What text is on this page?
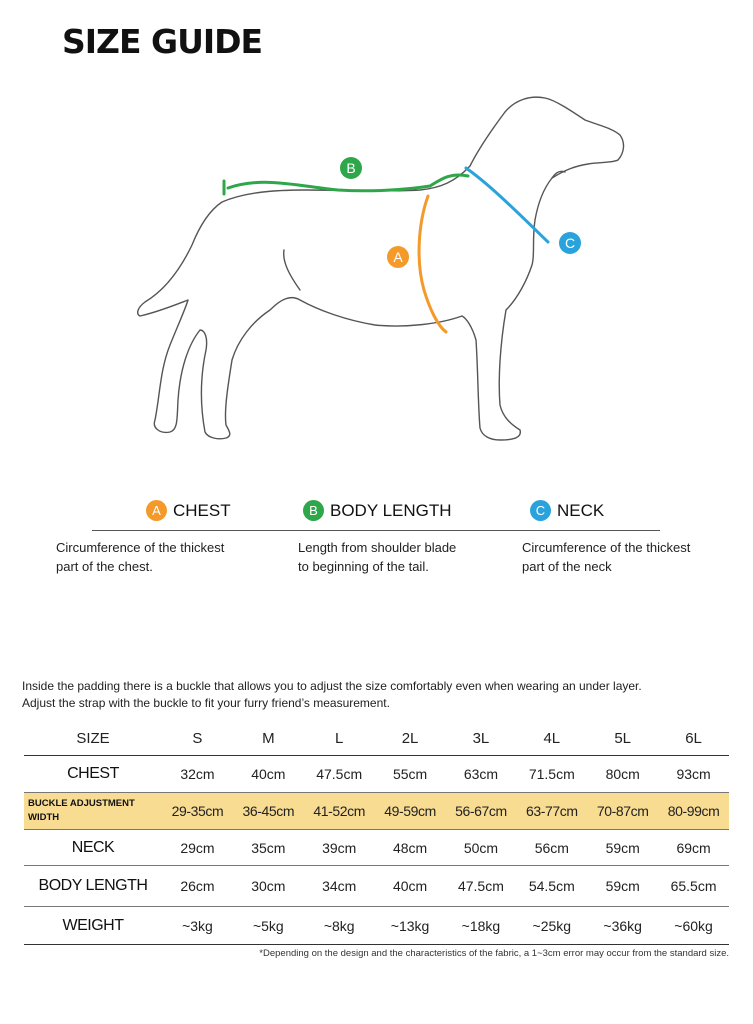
SIZE GUIDE
B
A
C
A CHEST	B BODY LENGTH	C NECK

Circumference of the thickest
part of the chest.

Length from shoulder blade
to beginning of the tail.

Circumference of the thickest
part of the neck

Inside the padding there is a buckle that allows you to adjust the size comfortably even when wearing an under layer.
Adjust the strap with the buckle to fit your furry friend’s measurement.

SIZE	S	M	L	2L	3L	4L	5L	6L
CHEST	32cm	40cm	47.5cm	55cm	63cm	71.5cm	80cm	93cm
BUCKLE ADJUSTMENT
WIDTH	29-35cm	36-45cm	41-52cm	49-59cm	56-67cm	63-77cm	70-87cm	80-99cm
NECK	29cm	35cm	39cm	48cm	50cm	56cm	59cm	69cm
BODY LENGTH	26cm	30cm	34cm	40cm	47.5cm	54.5cm	59cm	65.5cm
WEIGHT	~3kg	~5kg	~8kg	~13kg	~18kg	~25kg	~36kg	~60kg

*Depending on the design and the characteristics of the fabric, a 1~3cm error may occur from the standard size.
